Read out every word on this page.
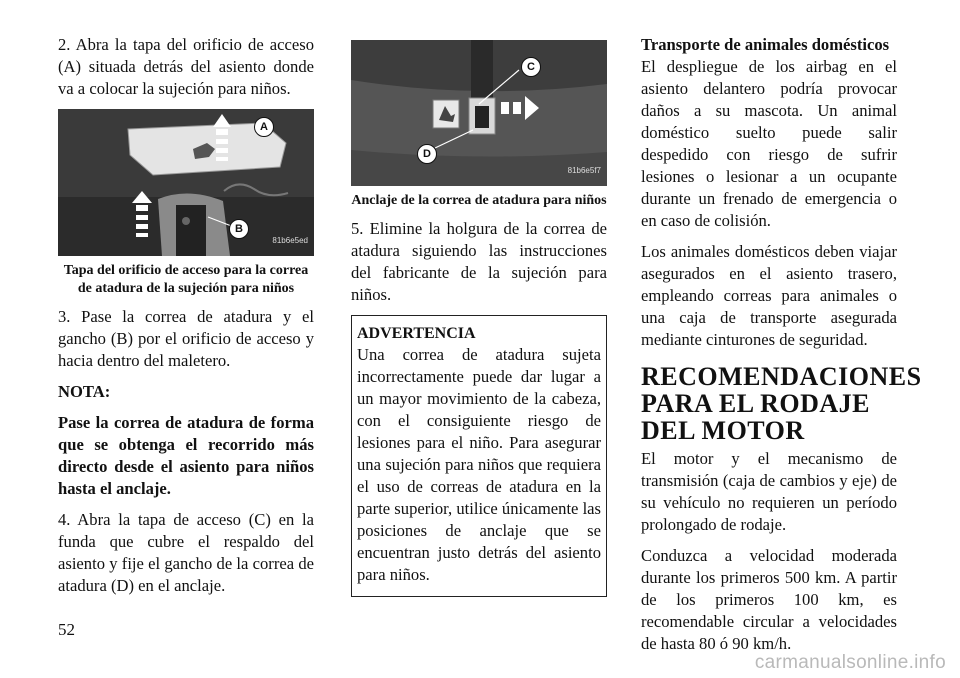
2. Abra la tapa del orificio de acceso (A) situada detrás del asiento donde va a colocar la sujeción para niños.

A
B
81b6e5ed
Tapa del orificio de acceso para la correa de atadura de la sujeción para niños

3. Pase la correa de atadura y el gancho (B) por el orificio de acceso y hacia dentro del maletero.

NOTA:

Pase la correa de atadura de forma que se obtenga el recorrido más directo desde el asiento para niños hasta el anclaje.

4. Abra la tapa de acceso (C) en la funda que cubre el respaldo del asiento y fije el gancho de la correa de atadura (D) en el anclaje.

C
D
81b6e5f7
Anclaje de la correa de atadura para niños

5. Elimine la holgura de la correa de atadura siguiendo las instrucciones del fabricante de la sujeción para niños.

ADVERTENCIA
Una correa de atadura sujeta incorrectamente puede dar lugar a un mayor movimiento de la cabeza, con el consiguiente riesgo de lesiones para el niño. Para asegurar una sujeción para niños que requiera el uso de correas de atadura en la parte superior, utilice únicamente las posiciones de anclaje que se encuentran justo detrás del asiento para niños.
Transporte de animales domésticos

El despliegue de los airbag en el asiento delantero podría provocar daños a su mascota. Un animal doméstico suelto puede salir despedido con riesgo de sufrir lesiones o lesionar a un ocupante durante un frenado de emergencia o en caso de colisión.

Los animales domésticos deben viajar asegurados en el asiento trasero, empleando correas para animales o una caja de transporte asegurada mediante cinturones de seguridad.

RECOMENDACIONES PARA EL RODAJE DEL MOTOR

El motor y el mecanismo de transmisión (caja de cambios y eje) de su vehículo no requieren un período prolongado de rodaje.

Conduzca a velocidad moderada durante los primeros 500 km. A partir de los primeros 100 km, es recomendable circular a velocidades de hasta 80 ó 90 km/h.

52
carmanualsonline.info
